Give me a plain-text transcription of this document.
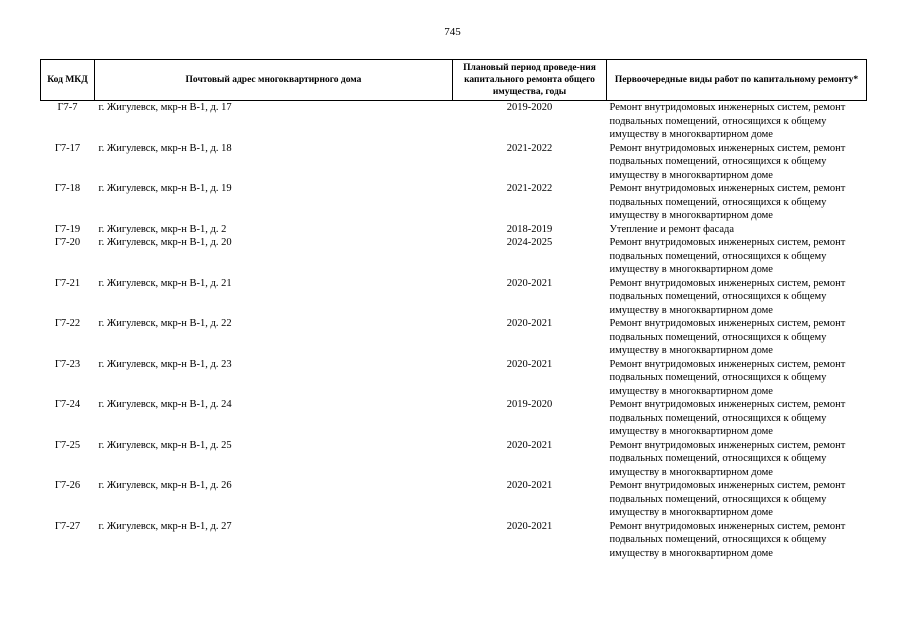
745
Код МКД	Почтовый адрес многоквартирного дома	Плановый период проведе-ния капитального ремонта общего имущества, годы	Первоочередные виды работ по капитальному ремонту*
Г7-7	г. Жигулевск, мкр-н В-1, д. 17	2019-2020	Ремонт внутридомовых инженерных систем, ремонт подвальных помещений, относящихся к общему имуществу в многоквартирном доме
Г7-17	г. Жигулевск, мкр-н В-1, д. 18	2021-2022	Ремонт внутридомовых инженерных систем, ремонт подвальных помещений, относящихся к общему имуществу в многоквартирном доме
Г7-18	г. Жигулевск, мкр-н В-1, д. 19	2021-2022	Ремонт внутридомовых инженерных систем, ремонт подвальных помещений, относящихся к общему имуществу в многоквартирном доме
Г7-19	г. Жигулевск, мкр-н В-1, д. 2	2018-2019	Утепление и ремонт фасада
Г7-20	г. Жигулевск, мкр-н В-1, д. 20	2024-2025	Ремонт внутридомовых инженерных систем, ремонт подвальных помещений, относящихся к общему имуществу в многоквартирном доме
Г7-21	г. Жигулевск, мкр-н В-1, д. 21	2020-2021	Ремонт внутридомовых инженерных систем, ремонт подвальных помещений, относящихся к общему имуществу в многоквартирном доме
Г7-22	г. Жигулевск, мкр-н В-1, д. 22	2020-2021	Ремонт внутридомовых инженерных систем, ремонт подвальных помещений, относящихся к общему имуществу в многоквартирном доме
Г7-23	г. Жигулевск, мкр-н В-1, д. 23	2020-2021	Ремонт внутридомовых инженерных систем, ремонт подвальных помещений, относящихся к общему имуществу в многоквартирном доме
Г7-24	г. Жигулевск, мкр-н В-1, д. 24	2019-2020	Ремонт внутридомовых инженерных систем, ремонт подвальных помещений, относящихся к общему имуществу в многоквартирном доме
Г7-25	г. Жигулевск, мкр-н В-1, д. 25	2020-2021	Ремонт внутридомовых инженерных систем, ремонт подвальных помещений, относящихся к общему имуществу в многоквартирном доме
Г7-26	г. Жигулевск, мкр-н В-1, д. 26	2020-2021	Ремонт внутридомовых инженерных систем, ремонт подвальных помещений, относящихся к общему имуществу в многоквартирном доме
Г7-27	г. Жигулевск, мкр-н В-1, д. 27	2020-2021	Ремонт внутридомовых инженерных систем, ремонт подвальных помещений, относящихся к общему имуществу в многоквартирном доме
